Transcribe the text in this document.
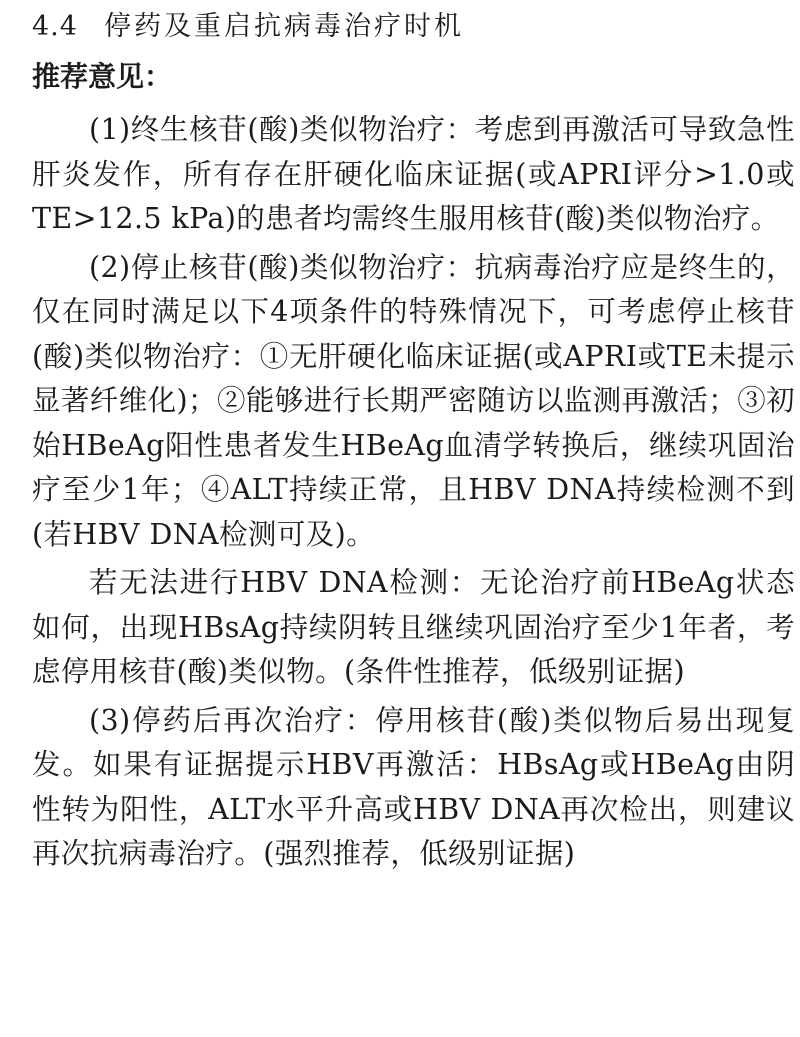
4.4 停药及重启抗病毒治疗时机
推荐意见：

(1)终生核苷(酸)类似物治疗：考虑到再激活可导致急性肝炎发作，所有存在肝硬化临床证据(或APRI评分>1.0或TE>12.5 kPa)的患者均需终生服用核苷(酸)类似物治疗。

(2)停止核苷(酸)类似物治疗：抗病毒治疗应是终生的，仅在同时满足以下4项条件的特殊情况下，可考虑停止核苷(酸)类似物治疗：①无肝硬化临床证据(或APRI或TE未提示显著纤维化)；②能够进行长期严密随访以监测再激活；③初始HBeAg阳性患者发生HBeAg血清学转换后，继续巩固治疗至少1年；④ALT持续正常，且HBV DNA持续检测不到(若HBV DNA检测可及)。

若无法进行HBV DNA检测：无论治疗前HBeAg状态如何，出现HBsAg持续阴转且继续巩固治疗至少1年者，考虑停用核苷(酸)类似物。(条件性推荐，低级别证据)

(3)停药后再次治疗：停用核苷(酸)类似物后易出现复发。如果有证据提示HBV再激活：HBsAg或HBeAg由阴性转为阳性，ALT水平升高或HBV DNA再次检出，则建议再次抗病毒治疗。(强烈推荐，低级别证据)
